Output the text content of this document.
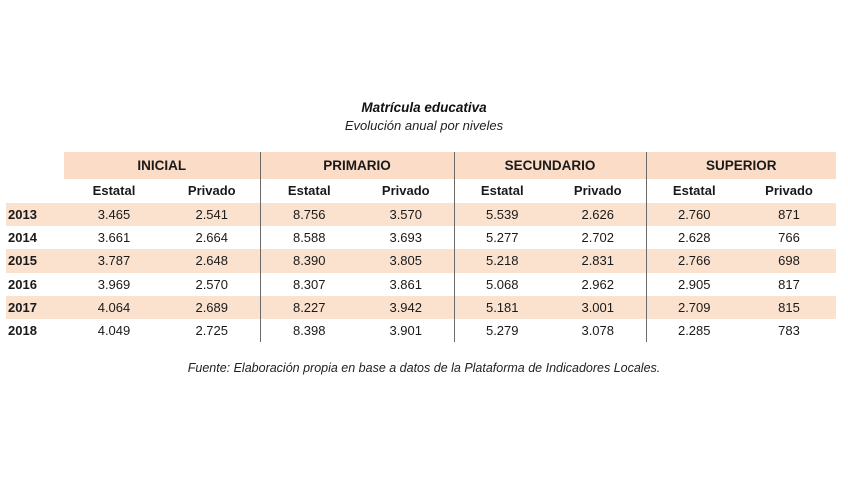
Matrícula educativa
Evolución anual por niveles
	INICIAL		PRIMARIO		SECUNDARIO		SUPERIOR	
	Estatal	Privado	Estatal	Privado	Estatal	Privado	Estatal	Privado
2013	3.465	2.541	8.756	3.570	5.539	2.626	2.760	871
2014	3.661	2.664	8.588	3.693	5.277	2.702	2.628	766
2015	3.787	2.648	8.390	3.805	5.218	2.831	2.766	698
2016	3.969	2.570	8.307	3.861	5.068	2.962	2.905	817
2017	4.064	2.689	8.227	3.942	5.181	3.001	2.709	815
2018	4.049	2.725	8.398	3.901	5.279	3.078	2.285	783
Fuente: Elaboración propia en base a datos de la Plataforma de Indicadores Locales.
